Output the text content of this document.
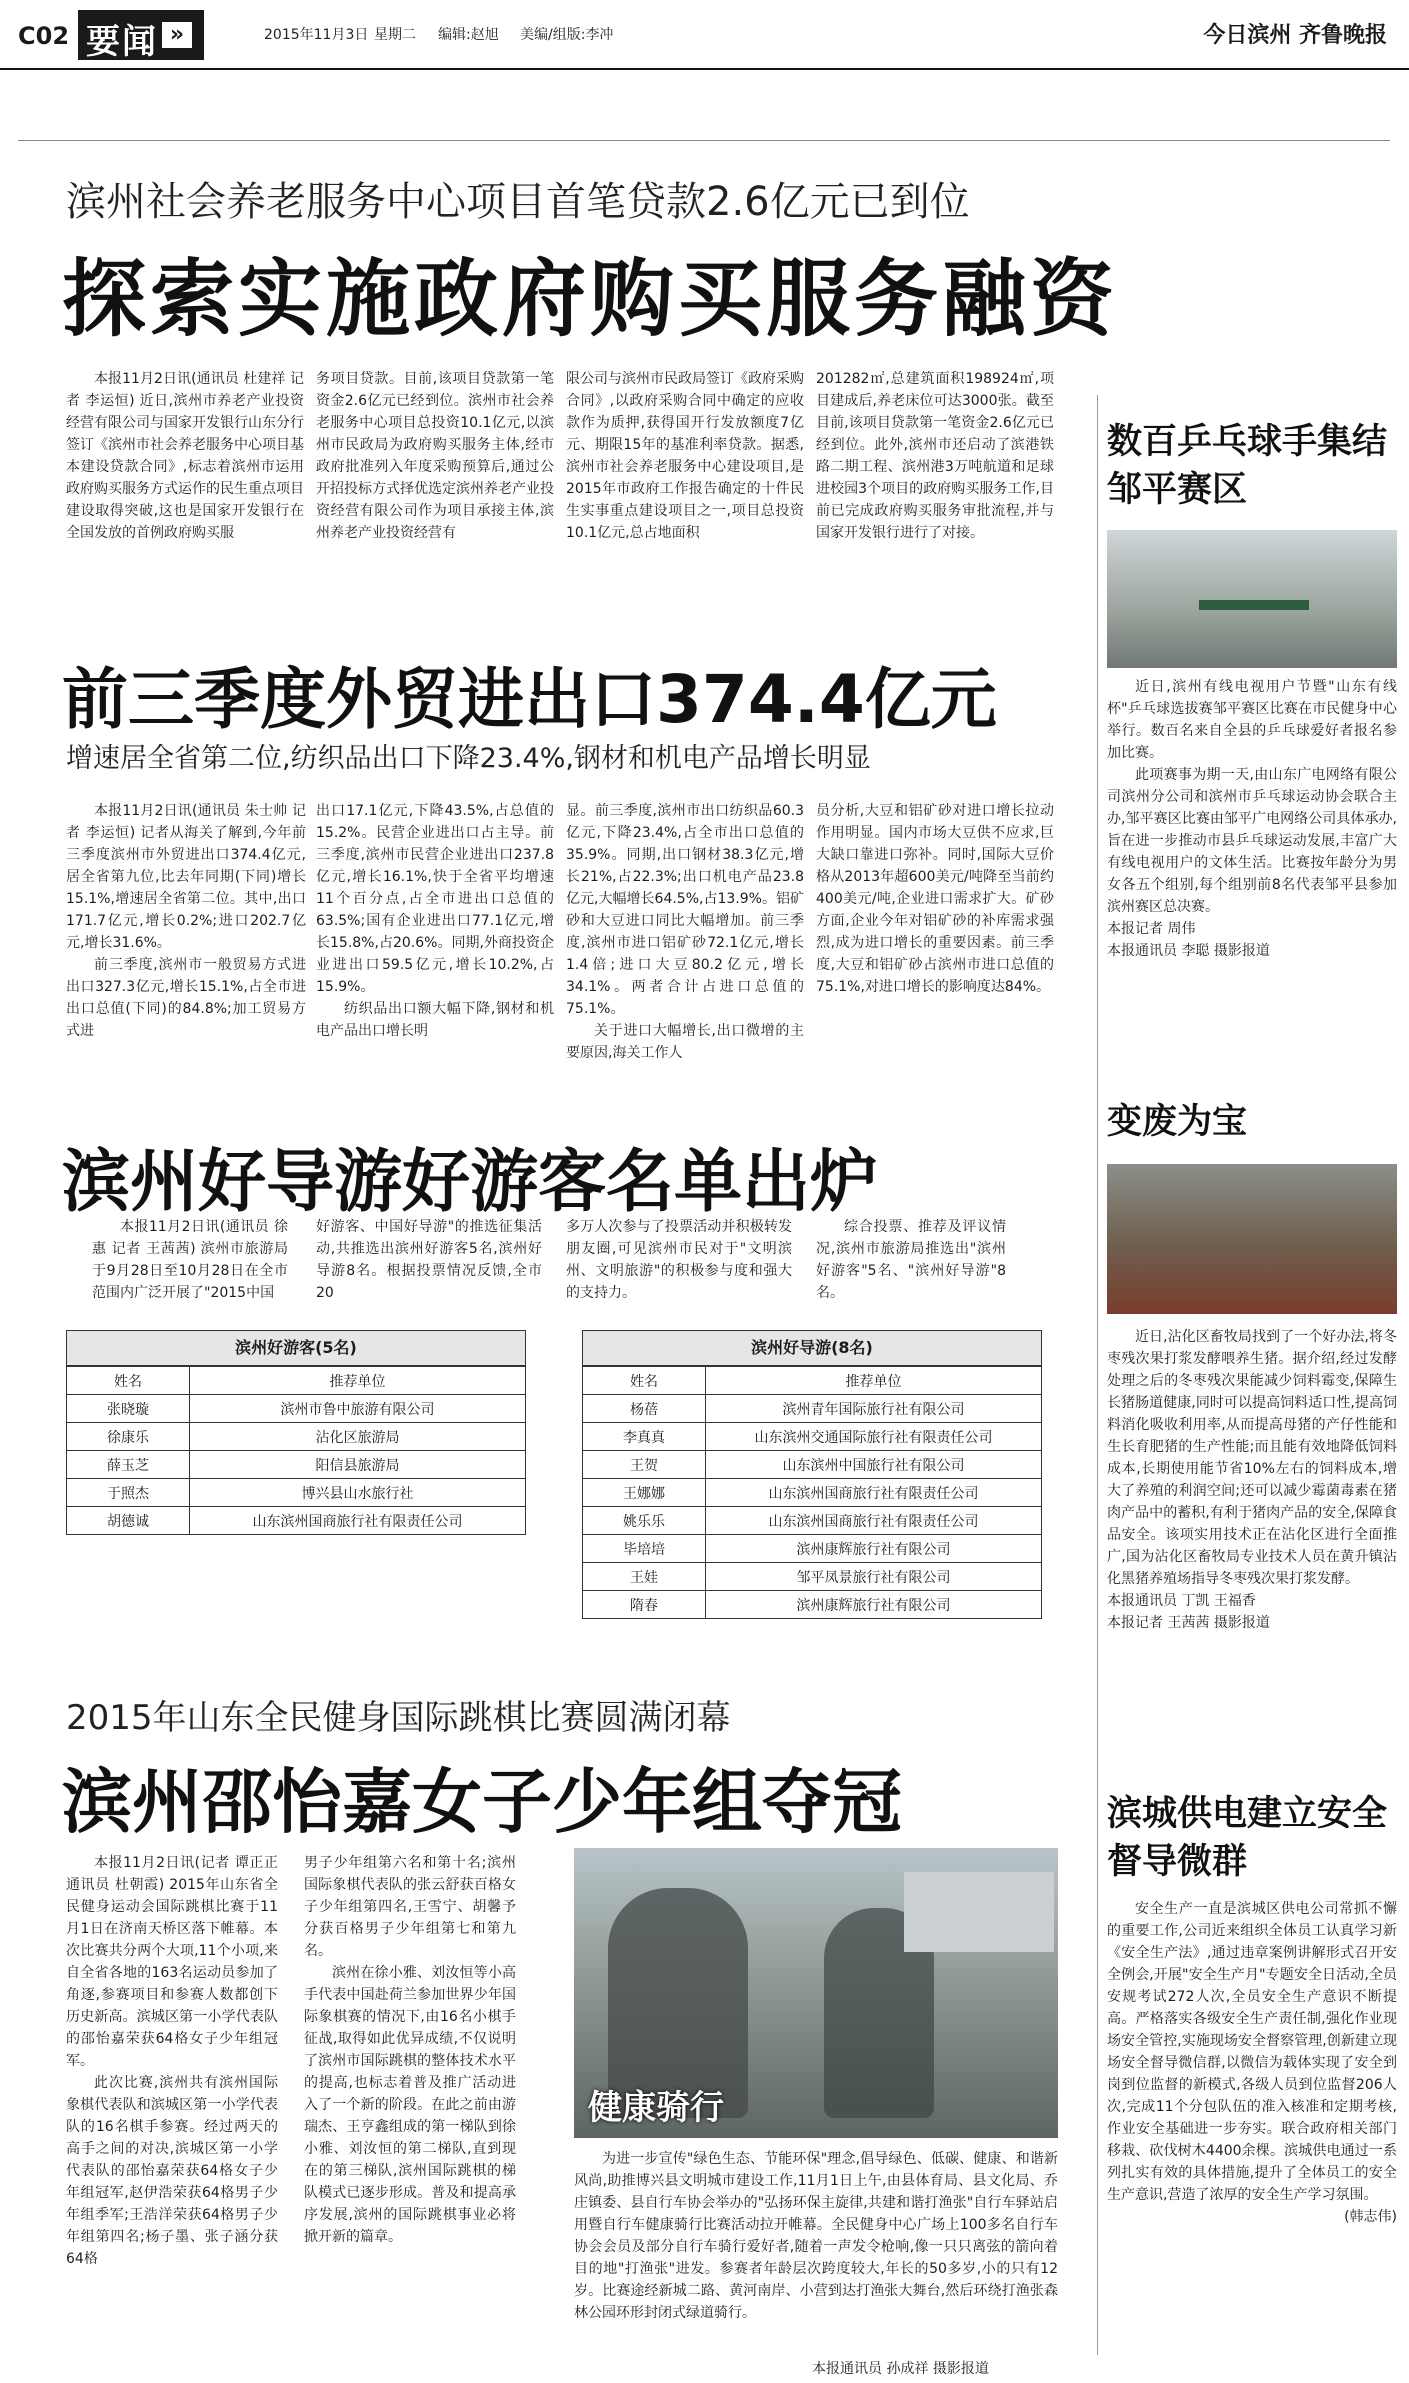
C02 要闻 »	2015年11月3日 星期二 编辑:赵旭 美编/组版:李冲	今日滨州 齐鲁晚报
滨州社会养老服务中心项目首笔贷款2.6亿元已到位
探索实施政府购买服务融资

本报11月2日讯(通讯员 杜建祥 记者 李运恒) 近日,滨州市养老产业投资经营有限公司与国家开发银行山东分行签订《滨州市社会养老服务中心项目基本建设贷款合同》,标志着滨州市运用政府购买服务方式运作的民生重点项目建设取得突破,这也是国家开发银行在全国发放的首例政府购买服

务项目贷款。目前,该项目贷款第一笔资金2.6亿元已经到位。滨州市社会养老服务中心项目总投资10.1亿元,以滨州市民政局为政府购买服务主体,经市政府批准列入年度采购预算后,通过公开招投标方式择优选定滨州养老产业投资经营有限公司作为项目承接主体,滨州养老产业投资经营有

限公司与滨州市民政局签订《政府采购合同》,以政府采购合同中确定的应收款作为质押,获得国开行发放额度7亿元、期限15年的基准利率贷款。据悉,滨州市社会养老服务中心建设项目,是2015年市政府工作报告确定的十件民生实事重点建设项目之一,项目总投资10.1亿元,总占地面积

201282㎡,总建筑面积198924㎡,项目建成后,养老床位可达3000张。截至目前,该项目贷款第一笔资金2.6亿元已经到位。此外,滨州市还启动了滨港铁路二期工程、滨州港3万吨航道和足球进校园3个项目的政府购买服务工作,目前已完成政府购买服务审批流程,并与国家开发银行进行了对接。

前三季度外贸进出口374.4亿元
增速居全省第二位,纺织品出口下降23.4%,钢材和机电产品增长明显

本报11月2日讯(通讯员 朱士帅 记者 李运恒) 记者从海关了解到,今年前三季度滨州市外贸进出口374.4亿元,居全省第九位,比去年同期(下同)增长15.1%,增速居全省第二位。其中,出口171.7亿元,增长0.2%;进口202.7亿元,增长31.6%。

前三季度,滨州市一般贸易方式进出口327.3亿元,增长15.1%,占全市进出口总值(下同)的84.8%;加工贸易方式进

出口17.1亿元,下降43.5%,占总值的15.2%。民营企业进出口占主导。前三季度,滨州市民营企业进出口237.8亿元,增长16.1%,快于全省平均增速11个百分点,占全市进出口总值的63.5%;国有企业进出口77.1亿元,增长15.8%,占20.6%。同期,外商投资企业进出口59.5亿元,增长10.2%,占15.9%。

纺织品出口额大幅下降,钢材和机电产品出口增长明

显。前三季度,滨州市出口纺织品60.3亿元,下降23.4%,占全市出口总值的35.9%。同期,出口钢材38.3亿元,增长21%,占22.3%;出口机电产品23.8亿元,大幅增长64.5%,占13.9%。铝矿砂和大豆进口同比大幅增加。前三季度,滨州市进口铝矿砂72.1亿元,增长1.4倍;进口大豆80.2亿元,增长34.1%。两者合计占进口总值的75.1%。

关于进口大幅增长,出口微增的主要原因,海关工作人

员分析,大豆和铝矿砂对进口增长拉动作用明显。国内市场大豆供不应求,巨大缺口靠进口弥补。同时,国际大豆价格从2013年超600美元/吨降至当前约400美元/吨,企业进口需求扩大。矿砂方面,企业今年对铝矿砂的补库需求强烈,成为进口增长的重要因素。前三季度,大豆和铝矿砂占滨州市进口总值的75.1%,对进口增长的影响度达84%。

滨州好导游好游客名单出炉

本报11月2日讯(通讯员 徐惠 记者 王茜茜) 滨州市旅游局于9月28日至10月28日在全市范围内广泛开展了"2015中国

好游客、中国好导游"的推选征集活动,共推选出滨州好游客5名,滨州好导游8名。根据投票情况反馈,全市20

多万人次参与了投票活动并积极转发朋友圈,可见滨州市民对于"文明滨州、文明旅游"的积极参与度和强大的支持力。

综合投票、推荐及评议情况,滨州市旅游局推选出"滨州好游客"5名、"滨州好导游"8名。

滨州好游客(5名)
姓名	推荐单位
张晓璇	滨州市鲁中旅游有限公司
徐康乐	沾化区旅游局
薛玉芝	阳信县旅游局
于照杰	博兴县山水旅行社
胡德诚	山东滨州国商旅行社有限责任公司
滨州好导游(8名)
姓名	推荐单位
杨蓓	滨州青年国际旅行社有限公司
李真真	山东滨州交通国际旅行社有限责任公司
王贺	山东滨州中国旅行社有限公司
王娜娜	山东滨州国商旅行社有限责任公司
姚乐乐	山东滨州国商旅行社有限责任公司
毕培培	滨州康辉旅行社有限公司
王娃	邹平凤景旅行社有限公司
隋春	滨州康辉旅行社有限公司
2015年山东全民健身国际跳棋比赛圆满闭幕
滨州邵怡嘉女子少年组夺冠

本报11月2日讯(记者 谭正正 通讯员 杜朝霞) 2015年山东省全民健身运动会国际跳棋比赛于11月1日在济南天桥区落下帷幕。本次比赛共分两个大项,11个小项,来自全省各地的163名运动员参加了角逐,参赛项目和参赛人数都创下历史新高。滨城区第一小学代表队的邵怡嘉荣获64格女子少年组冠军。

此次比赛,滨州共有滨州国际象棋代表队和滨城区第一小学代表队的16名棋手参赛。经过两天的高手之间的对决,滨城区第一小学代表队的邵怡嘉荣获64格女子少年组冠军,赵伊浩荣获64格男子少年组季军;王浩洋荣获64格男子少年组第四名;杨子墨、张子涵分获64格

男子少年组第六名和第十名;滨州国际象棋代表队的张云舒获百格女子少年组第四名,王雪宁、胡馨予分获百格男子少年组第七和第九名。

滨州在徐小雅、刘汝恒等小高手代表中国赴荷兰参加世界少年国际象棋赛的情况下,由16名小棋手征战,取得如此优异成绩,不仅说明了滨州市国际跳棋的整体技术水平的提高,也标志着普及推广活动进入了一个新的阶段。在此之前由游瑞杰、王亨鑫组成的第一梯队到徐小雅、刘汝恒的第二梯队,直到现在的第三梯队,滨州国际跳棋的梯队模式已逐步形成。普及和提高承序发展,滨州的国际跳棋事业必将掀开新的篇章。

健康骑行

为进一步宣传"绿色生态、节能环保"理念,倡导绿色、低碳、健康、和谐新风尚,助推博兴县文明城市建设工作,11月1日上午,由县体育局、县文化局、乔庄镇委、县自行车协会举办的"弘扬环保主旋律,共建和谐打渔张"自行车驿站启用暨自行车健康骑行比赛活动拉开帷幕。全民健身中心广场上100多名自行车协会会员及部分自行车骑行爱好者,随着一声发令枪响,像一只只离弦的箭向着目的地"打渔张"进发。参赛者年龄层次跨度较大,年长的50多岁,小的只有12岁。比赛途经新城二路、黄河南岸、小营到达打渔张大舞台,然后环绕打渔张森林公园环形封闭式绿道骑行。

本报通讯员 孙成祥 摄影报道
数百乒乓球手集结邹平赛区

近日,滨州有线电视用户节暨"山东有线杯"乒乓球选拔赛邹平赛区比赛在市民健身中心举行。数百名来自全县的乒乓球爱好者报名参加比赛。

此项赛事为期一天,由山东广电网络有限公司滨州分公司和滨州市乒乓球运动协会联合主办,邹平赛区比赛由邹平广电网络公司具体承办,旨在进一步推动市县乒乓球运动发展,丰富广大有线电视用户的文体生活。比赛按年龄分为男女各五个组别,每个组别前8名代表邹平县参加滨州赛区总决赛。

本报记者 周伟
本报通讯员 李聪 摄影报道
变废为宝

近日,沾化区畜牧局找到了一个好办法,将冬枣残次果打浆发酵喂养生猪。据介绍,经过发酵处理之后的冬枣残次果能减少饲料霉变,保障生长猪肠道健康,同时可以提高饲料适口性,提高饲料消化吸收利用率,从而提高母猪的产仔性能和生长育肥猪的生产性能;而且能有效地降低饲料成本,长期使用能节省10%左右的饲料成本,增大了养殖的利润空间;还可以减少霉菌毒素在猪肉产品中的蓄积,有利于猪肉产品的安全,保障食品安全。该项实用技术正在沾化区进行全面推广,国为沾化区畜牧局专业技术人员在黄升镇沾化黑猪养殖场指导冬枣残次果打浆发酵。

本报通讯员 丁凯 王福香
本报记者 王茜茜 摄影报道
滨城供电建立安全督导微群

安全生产一直是滨城区供电公司常抓不懈的重要工作,公司近来组织全体员工认真学习新《安全生产法》,通过违章案例讲解形式召开安全例会,开展"安全生产月"专题安全日活动,全员安规考试272人次,全员安全生产意识不断提高。严格落实各级安全生产责任制,强化作业现场安全管控,实施现场安全督察管理,创新建立现场安全督导微信群,以微信为载体实现了安全到岗到位监督的新模式,各级人员到位监督206人次,完成11个分包队伍的准入核准和定期考核,作业安全基础进一步夯实。联合政府相关部门移栽、砍伐树木4400余棵。滨城供电通过一系列扎实有效的具体措施,提升了全体员工的安全生产意识,营造了浓厚的安全生产学习氛围。

(韩志伟)
